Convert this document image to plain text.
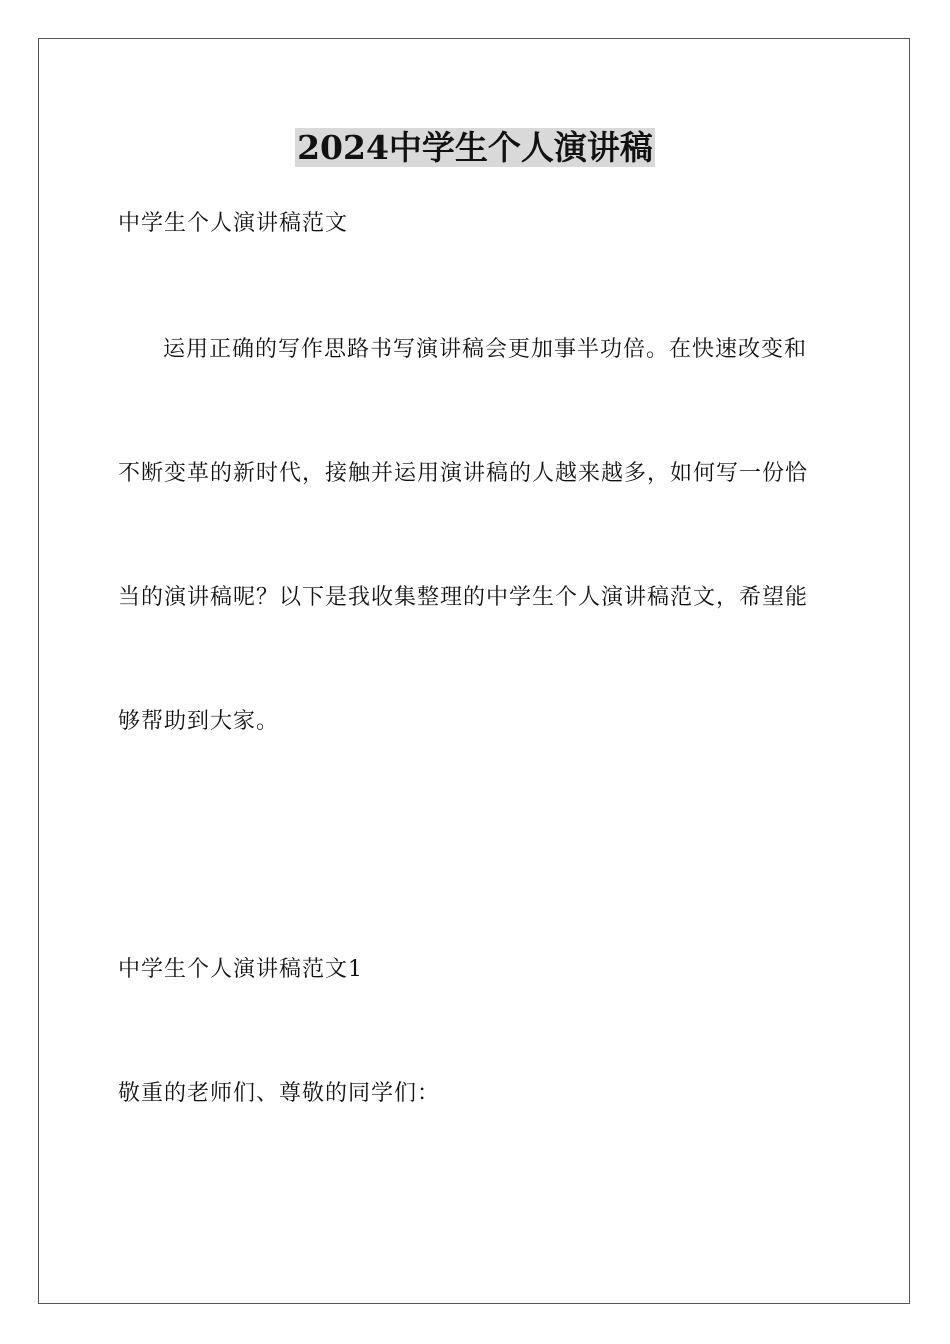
2024中学生个人演讲稿
中学生个人演讲稿范文
运用正确的写作思路书写演讲稿会更加事半功倍。在快速改变和
不断变革的新时代，接触并运用演讲稿的人越来越多，如何写一份恰
当的演讲稿呢？以下是我收集整理的中学生个人演讲稿范文，希望能
够帮助到大家。
中学生个人演讲稿范文1
敬重的老师们、尊敬的同学们：
